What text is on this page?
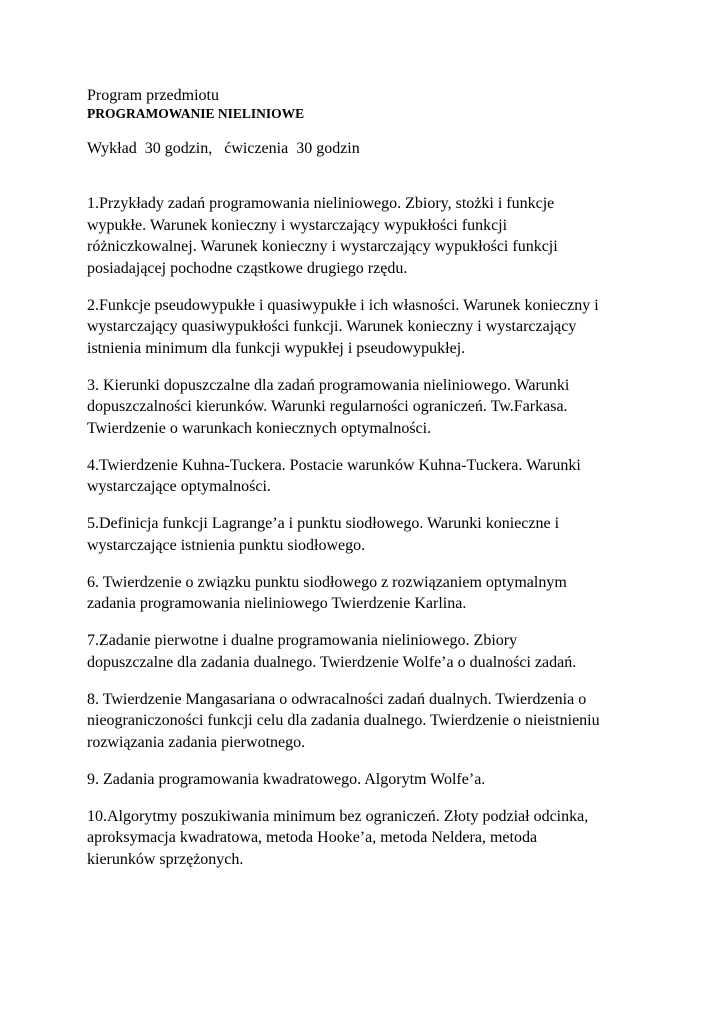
Program przedmiotu

PROGRAMOWANIE NIELINIOWE

Wykład  30 godzin,   ćwiczenia  30 godzin

1.Przykłady zadań programowania nieliniowego. Zbiory, stożki i funkcje
wypukłe. Warunek konieczny i wystarczający wypukłości funkcji
różniczkowalnej. Warunek konieczny i wystarczający wypukłości funkcji
posiadającej pochodne cząstkowe drugiego rzędu.
2.Funkcje pseudowypukłe i quasiwypukłe i ich własności. Warunek konieczny i
wystarczający quasiwypukłości funkcji. Warunek konieczny i wystarczający
istnienia minimum dla funkcji wypukłej i pseudowypukłej.
3. Kierunki dopuszczalne dla zadań programowania nieliniowego. Warunki
dopuszczalności kierunków. Warunki regularności ograniczeń. Tw.Farkasa.
Twierdzenie o warunkach koniecznych optymalności.
4.Twierdzenie Kuhna-Tuckera. Postacie warunków Kuhna-Tuckera. Warunki
wystarczające optymalności.
5.Definicja funkcji Lagrange’a i punktu siodłowego. Warunki konieczne i
wystarczające istnienia punktu siodłowego.
6. Twierdzenie o związku punktu siodłowego z rozwiązaniem optymalnym
zadania programowania nieliniowego Twierdzenie Karlina.
7.Zadanie pierwotne i dualne programowania nieliniowego. Zbiory
dopuszczalne dla zadania dualnego. Twierdzenie Wolfe’a o dualności zadań.
8. Twierdzenie Mangasariana o odwracalności zadań dualnych. Twierdzenia o
nieograniczoności funkcji celu dla zadania dualnego. Twierdzenie o nieistnieniu
rozwiązania zadania pierwotnego.
9. Zadania programowania kwadratowego. Algorytm Wolfe’a.
10.Algorytmy poszukiwania minimum bez ograniczeń. Złoty podział odcinka,
aproksymacja kwadratowa, metoda Hooke’a, metoda Neldera, metoda
kierunków sprzężonych.
